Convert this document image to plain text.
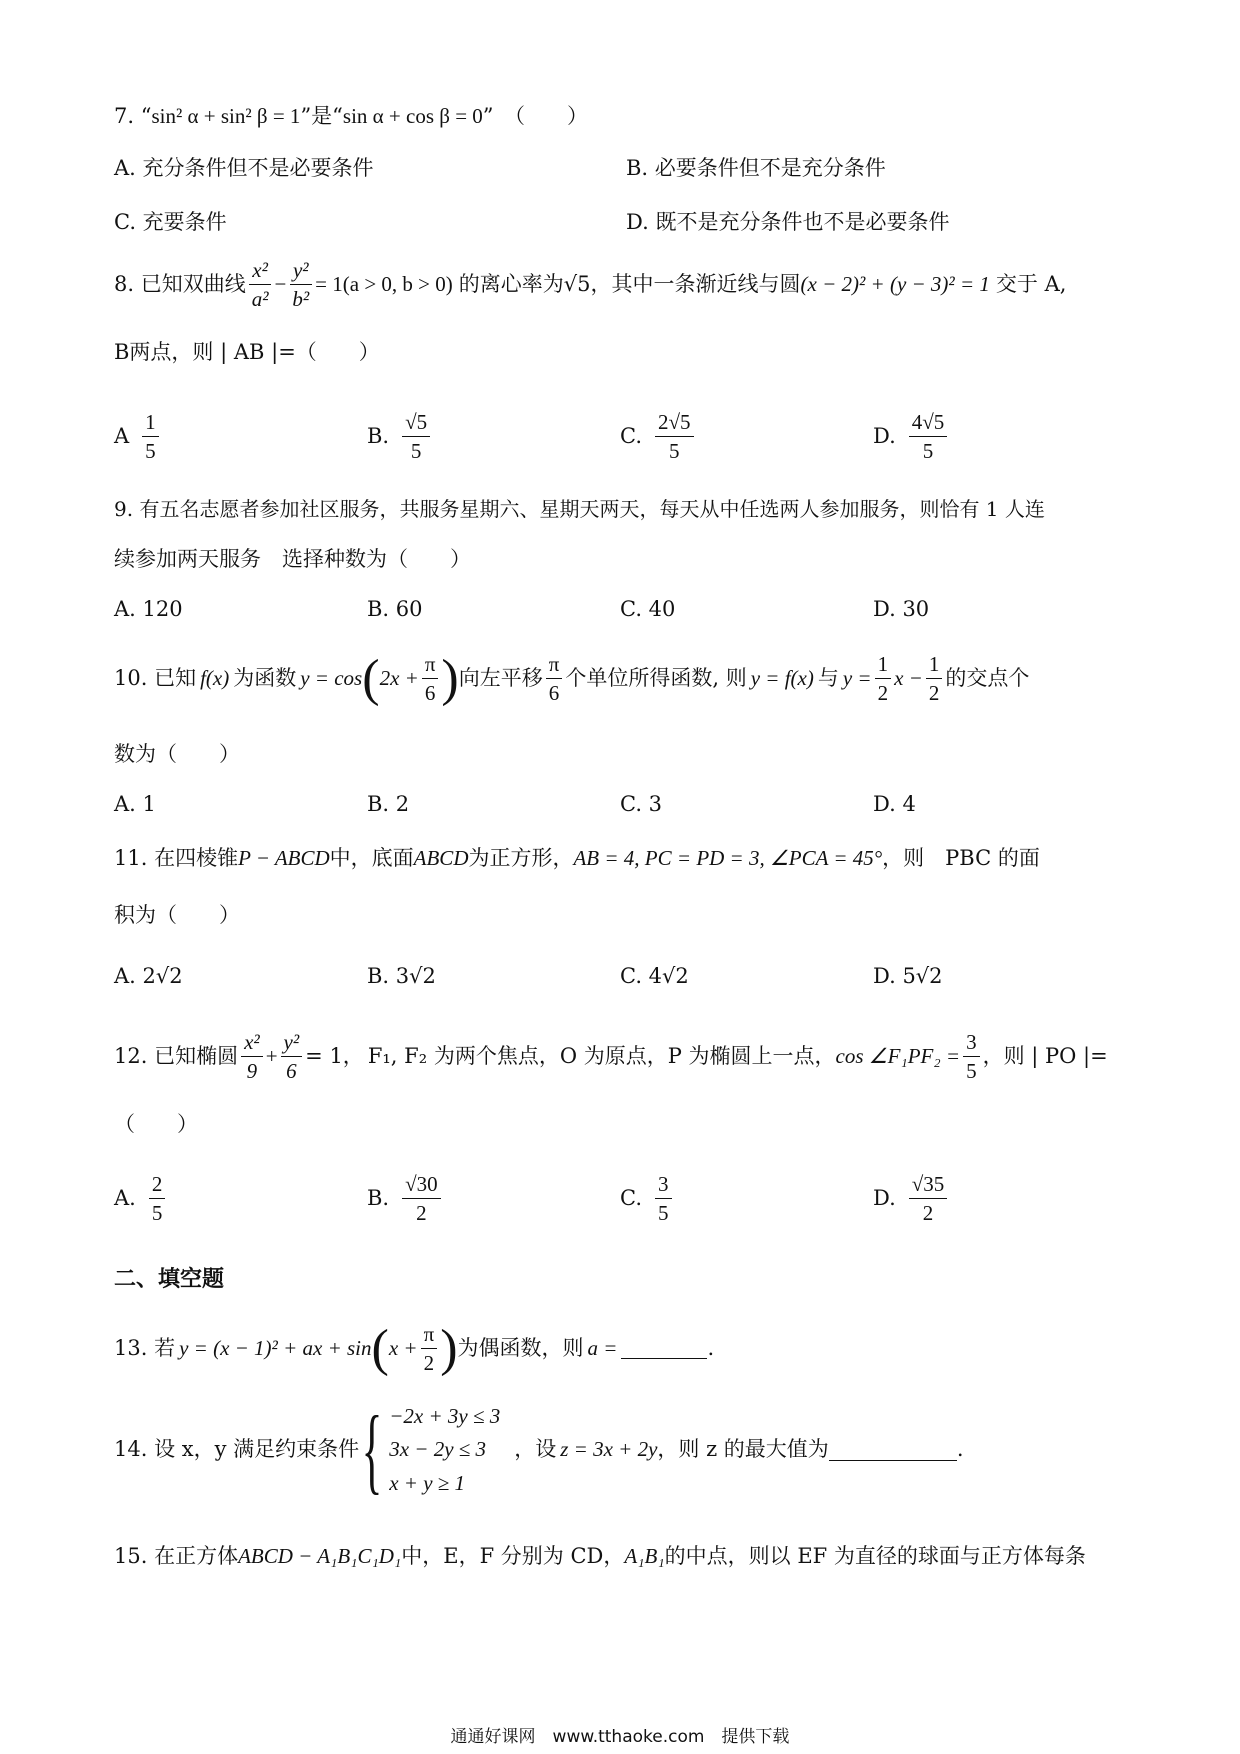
7. “sin² α + sin² β = 1”是“sin α + cos β = 0”　（　　）
A. 充分条件但不是必要条件	B. 必要条件但不是充分条件
C. 充要条件	D. 既不是充分条件也不是必要条件
8. 已知双曲线 $\frac{\text{x²}}{\text{a²}} - \frac{\text{y²}}{\text{b²}} = 1(a > 0$, b > 0) 的离心率为√5，其中一条渐近线与圆 (x − 2)² + (y − 3)² = 1 交于 A,
B两点，则 | AB |=（　　）
A $\frac{1}{5}$	B. $\frac{√5}{5}$	C. $\frac{2√5}{5}$	D. $\frac{4√5}{5}$
9. 有五名志愿者参加社区服务，共服务星期六、星期天两天，每天从中任选两人参加服务，则恰有 1 人连
续参加两天服务　选择种数为（　　）
A. 120	B. 60	C. 40	D. 30
10. 已知 f(x) 为函数 y = cos ( $2x + \frac{\pi}{6}$ ) 向左平移 $\frac{\pi}{6}$ 个单位所得函数, 则 y = f(x) 与 $y = \frac{1}{2}$ $x - \frac{1}{2}$ 的交点个
数为（　　）
A. 1	B. 2	C. 3	D. 4
11. 在四棱锥P − ABCD中，底面ABCD为正方形，AB = 4, PC = PD = 3, ∠PCA = 45°，则　PBC 的面
积为（　　）
A. 2√2	B. 3√2	C. 4√2	D. 5√2
12. 已知椭圆 $\frac{\text{x²}}{9} + \frac{\text{y²}}{6} = 1$， F₁, F₂ 为两个焦点，O 为原点，P 为椭圆上一点， cos ∠F₁PF₂ = $\frac{3}{5}$ ，则 | PO |=
（　　）
A. $\frac{2}{5}$	B. $\frac{√30}{2}$	C. $\frac{3}{5}$	D. $\frac{√35}{2}$
二、填空题
13. 若 y = (x − 1)² + ax + sin ( $x + \frac{\pi}{2}$ ) 为偶函数，则 a =	.
14. 设 x，y 满足约束条件 { −2x + 3y ≤ 3
3x − 2y ≤ 3
x + y ≥ 1
，设 z = 3x + 2y ，则 z 的最大值为	.
15. 在正方体ABCD − A₁B₁C₁D₁中，E，F 分别为 CD，A₁B₁的中点，则以 EF 为直径的球面与正方体每条
通通好课网　www.tthaoke.com　提供下载
